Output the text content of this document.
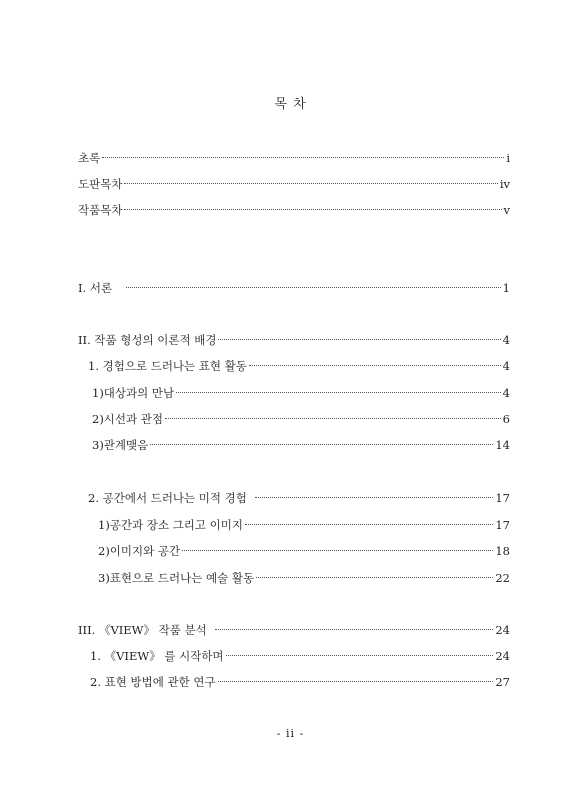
목 차
초록	i
도판목차	iv
작품목차	v
I. 서론	1
II. 작품 형성의 이론적 배경	4
1. 경험으로 드러나는 표현 활동	4
1)대상과의 만남	4
2)시선과 관점	6
3)관계맺음	14
2. 공간에서 드러나는 미적 경험	17
1)공간과 장소 그리고 이미지	17
2)이미지와 공간	18
3)표현으로 드러나는 예술 활동	22
III. 《VIEW》 작품 분석	24
1. 《VIEW》 를 시작하며	24
2. 표현 방법에 관한 연구	27
- ii -
